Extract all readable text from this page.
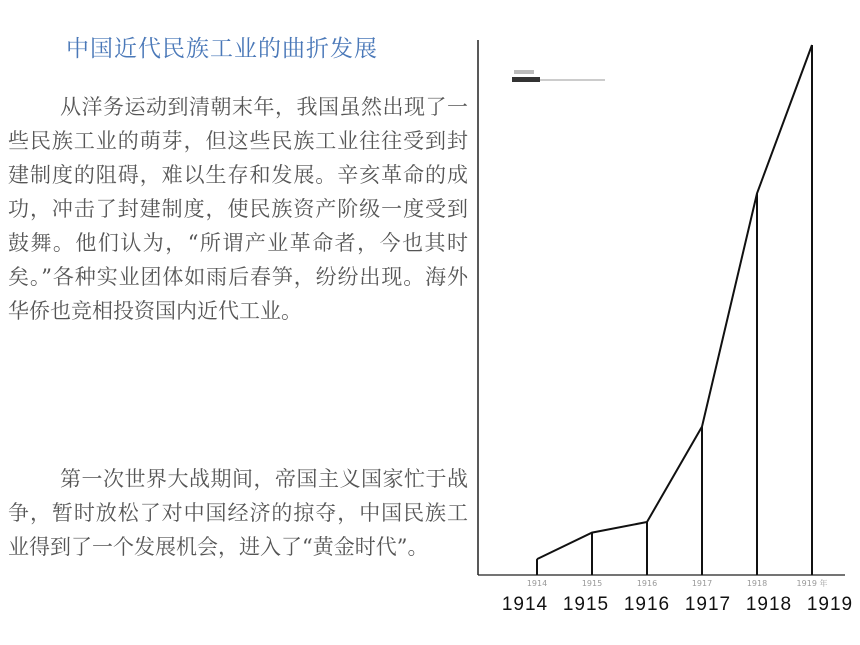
中国近代民族工业的曲折发展

从洋务运动到清朝末年，我国虽然出现了一些民族工业的萌芽，但这些民族工业往往受到封建制度的阻碍，难以生存和发展。辛亥革命的成功，冲击了封建制度，使民族资产阶级一度受到鼓舞。他们认为，“所谓产业革命者，今也其时矣。”各种实业团体如雨后春笋，纷纷出现。海外华侨也竞相投资国内近代工业。

第一次世界大战期间，帝国主义国家忙于战争，暂时放松了对中国经济的掠夺，中国民族工业得到了一个发展机会，进入了“黄金时代”。

1914	1915	1916	1917	1918	1919 年
1914 1915 1916 1917 1918 1919
